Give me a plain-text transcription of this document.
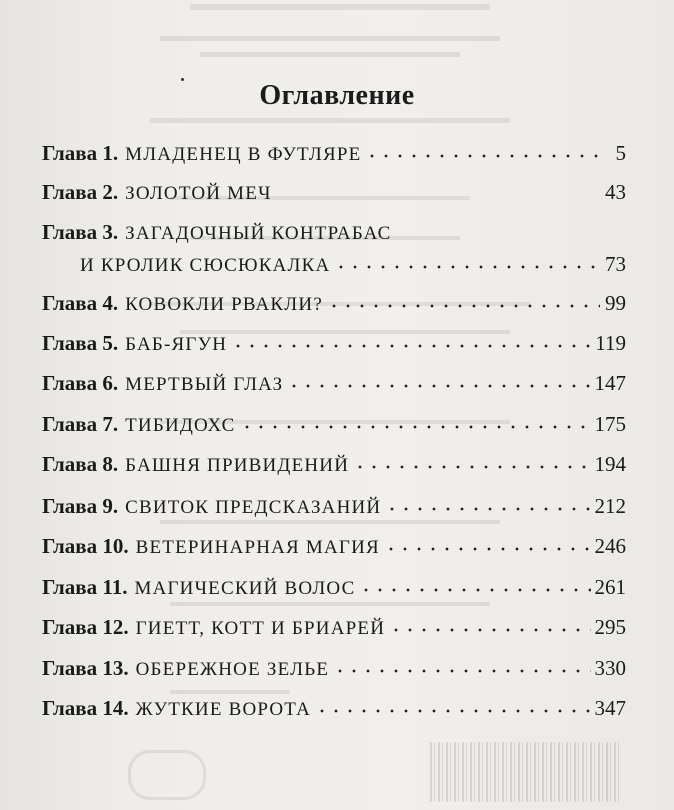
Оглавление
Глава 1. МЛАДЕНЕЦ В ФУТЛЯРЕ	5
Глава 2. ЗОЛОТОЙ МЕЧ	43
Глава 3. ЗАГАДОЧНЫЙ КОНТРАБАС
И КРОЛИК СЮСЮКАЛКА	73
Глава 4. КОВОКЛИ РВАКЛИ?	99
Глава 5. БАБ-ЯГУН	119
Глава 6. МЕРТВЫЙ ГЛАЗ	147
Глава 7. ТИБИДОХС	175
Глава 8. БАШНЯ ПРИВИДЕНИЙ	194
Глава 9. СВИТОК ПРЕДСКАЗАНИЙ	212
Глава 10. ВЕТЕРИНАРНАЯ МАГИЯ	246
Глава 11. МАГИЧЕСКИЙ ВОЛОС	261
Глава 12. ГИЕТТ, КОТТ И БРИАРЕЙ	295
Глава 13. ОБЕРЕЖНОЕ ЗЕЛЬЕ	330
Глава 14. ЖУТКИЕ ВОРОТА	347
